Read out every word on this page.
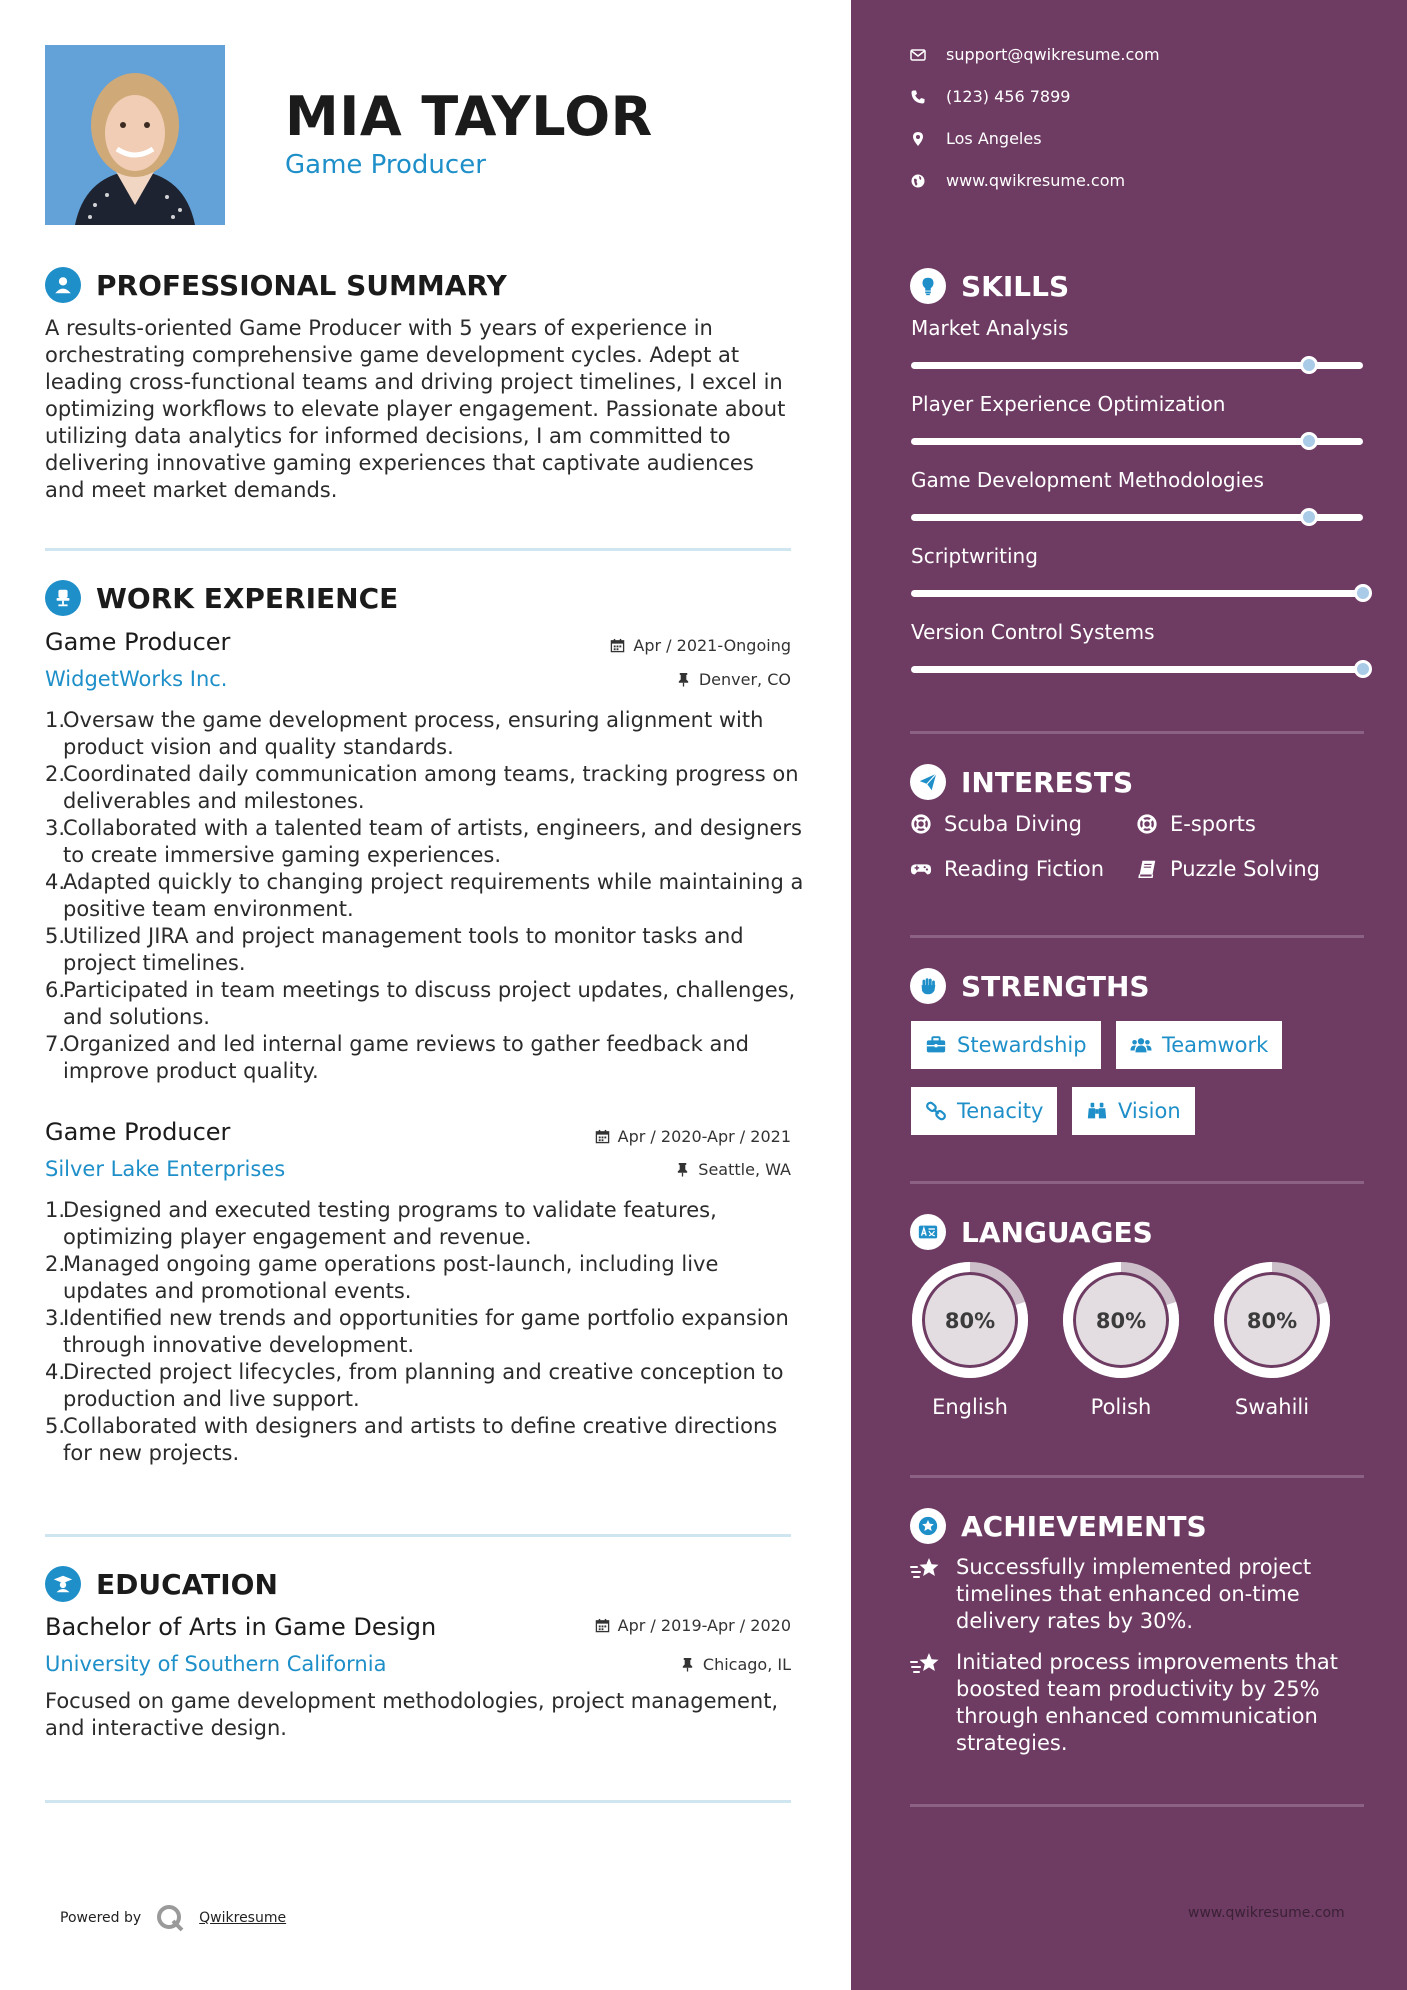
MIA TAYLOR
Game Producer
PROFESSIONAL SUMMARY
A results-oriented Game Producer with 5 years of experience in orchestrating comprehensive game development cycles. Adept at leading cross-functional teams and driving project timelines, I excel in optimizing workflows to elevate player engagement. Passionate about utilizing data analytics for informed decisions, I am committed to delivering innovative gaming experiences that captivate audiences and meet market demands.
WORK EXPERIENCE
Game Producer	Apr / 2021-Ongoing
WidgetWorks Inc.	Denver, CO
Oversaw the game development process, ensuring alignment with product vision and quality standards.
Coordinated daily communication among teams, tracking progress on deliverables and milestones.
Collaborated with a talented team of artists, engineers, and designers to create immersive gaming experiences.
Adapted quickly to changing project requirements while maintaining a positive team environment.
Utilized JIRA and project management tools to monitor tasks and project timelines.
Participated in team meetings to discuss project updates, challenges, and solutions.
Organized and led internal game reviews to gather feedback and improve product quality.
Game Producer	Apr / 2020-Apr / 2021
Silver Lake Enterprises	Seattle, WA
Designed and executed testing programs to validate features, optimizing player engagement and revenue.
Managed ongoing game operations post-launch, including live updates and promotional events.
Identified new trends and opportunities for game portfolio expansion through innovative development.
Directed project lifecycles, from planning and creative conception to production and live support.
Collaborated with designers and artists to define creative directions for new projects.
EDUCATION
Bachelor of Arts in Game Design	Apr / 2019-Apr / 2020
University of Southern California	Chicago, IL
Focused on game development methodologies, project management, and interactive design.
Powered by	Qwikresume
support@qwikresume.com
(123) 456 7899
Los Angeles
www.qwikresume.com
SKILLS
Market Analysis
Player Experience Optimization
Game Development Methodologies
Scriptwriting
Version Control Systems
INTERESTS
Scuba Diving	E-sports
Reading Fiction	Puzzle Solving
STRENGTHS
Stewardship	Teamwork
Tenacity	Vision
LANGUAGES
80%
English
80%
Polish
80%
Swahili
ACHIEVEMENTS
Successfully implemented project timelines that enhanced on-time delivery rates by 30%.
Initiated process improvements that boosted team productivity by 25% through enhanced communication strategies.
www.qwikresume.com
